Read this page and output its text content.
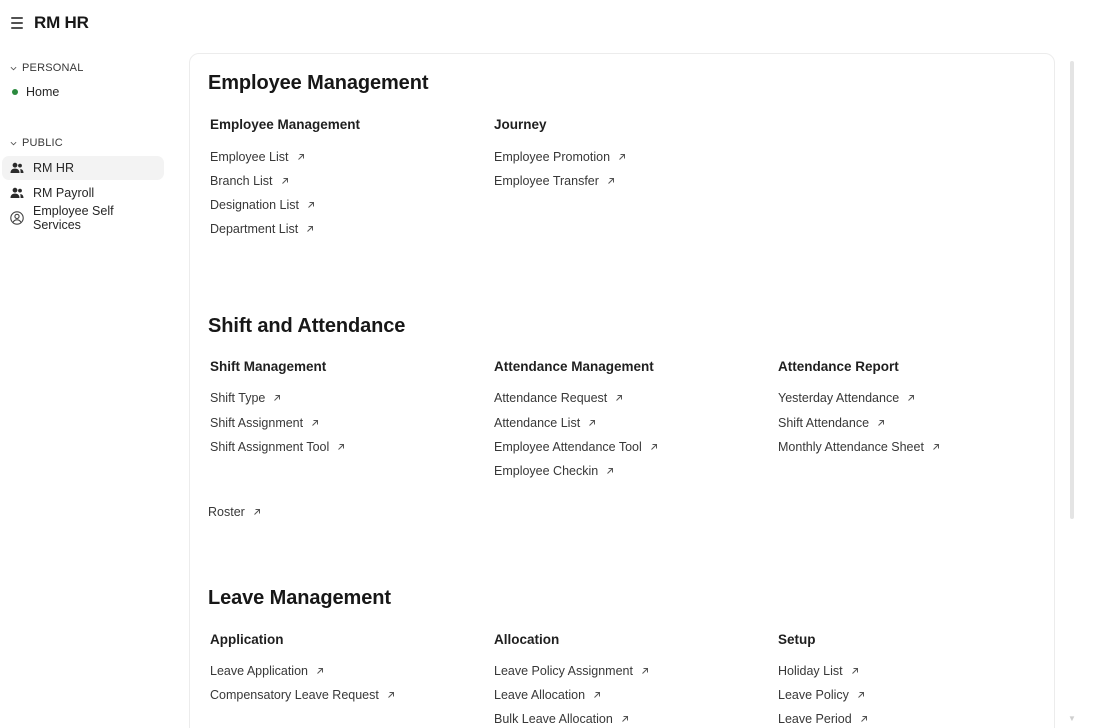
RM HR
PERSONAL
Home
PUBLIC
RM HR
RM Payroll
Employee Self Services
▼
Employee Management
Employee Management
Employee List
Branch List
Designation List
Department List
Journey
Employee Promotion
Employee Transfer
Shift and Attendance
Shift Management
Shift Type
Shift Assignment
Shift Assignment Tool
Attendance Management
Attendance Request
Attendance List
Employee Attendance Tool
Employee Checkin
Attendance Report
Yesterday Attendance
Shift Attendance
Monthly Attendance Sheet
Roster
Leave Management
Application
Leave Application
Compensatory Leave Request
Allocation
Leave Policy Assignment
Leave Allocation
Bulk Leave Allocation
Setup
Holiday List
Leave Policy
Leave Period
